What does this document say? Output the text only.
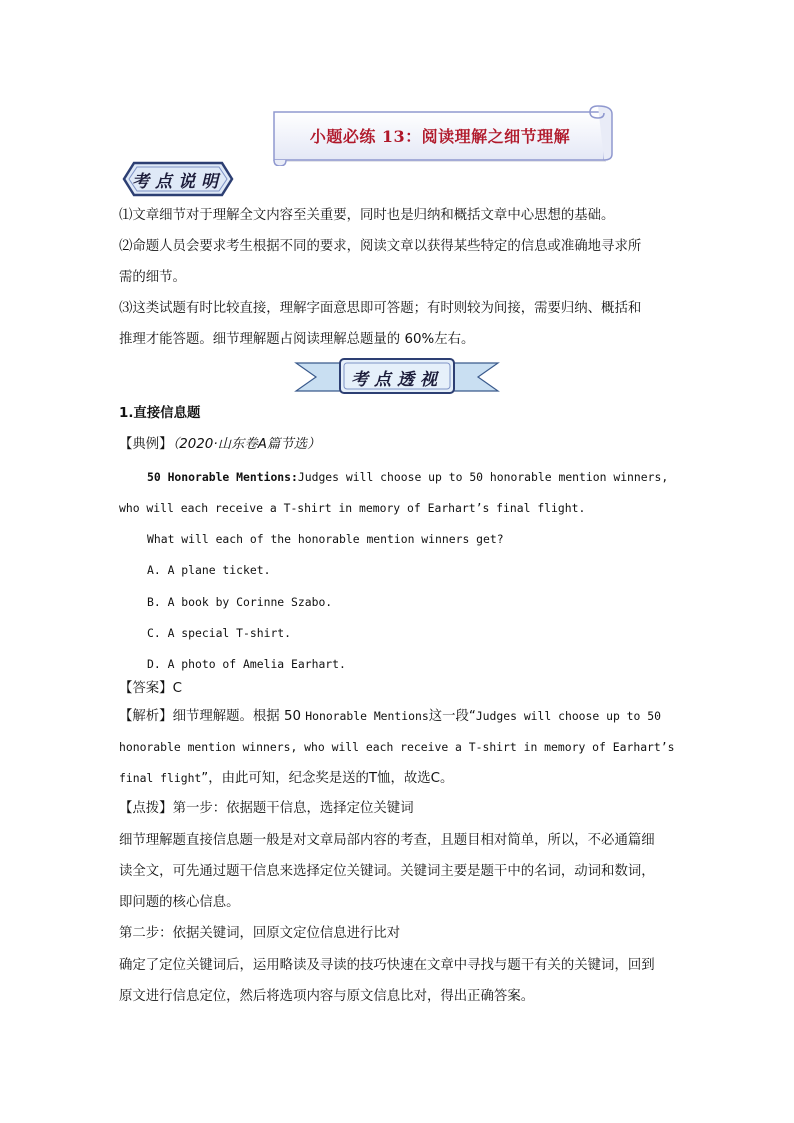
小题必练 13：阅读理解之细节理解
考点说明
⑴文章细节对于理解全文内容至关重要，同时也是归纳和概括文章中心思想的基础。
⑵命题人员会要求考生根据不同的要求，阅读文章以获得某些特定的信息或准确地寻求所
需的细节。
⑶这类试题有时比较直接，理解字面意思即可答题；有时则较为间接，需要归纳、概括和
推理才能答题。细节理解题占阅读理解总题量的 60%左右。
考点透视
1.直接信息题
【典例】（2020·山东卷A篇节选）
50 Honorable Mentions:Judges will choose up to 50 honorable mention winners,
who will each receive a T-shirt in memory of Earhart’s final flight.
What will each of the honorable mention winners get?
A. A plane ticket.
B. A book by Corinne Szabo.
C. A special T-shirt.
D. A photo of Amelia Earhart.
【答案】C
【解析】细节理解题。根据 50 Honorable Mentions这一段“Judges will choose up to 50
honorable mention winners, who will each receive a T-shirt in memory of Earhart’s
final flight”，由此可知，纪念奖是送的T恤，故选C。
【点拨】第一步：依据题干信息，选择定位关键词
细节理解题直接信息题一般是对文章局部内容的考查，且题目相对简单，所以，不必通篇细
读全文，可先通过题干信息来选择定位关键词。关键词主要是题干中的名词，动词和数词，
即问题的核心信息。
第二步：依据关键词，回原文定位信息进行比对
确定了定位关键词后，运用略读及寻读的技巧快速在文章中寻找与题干有关的关键词，回到
原文进行信息定位，然后将选项内容与原文信息比对，得出正确答案。
